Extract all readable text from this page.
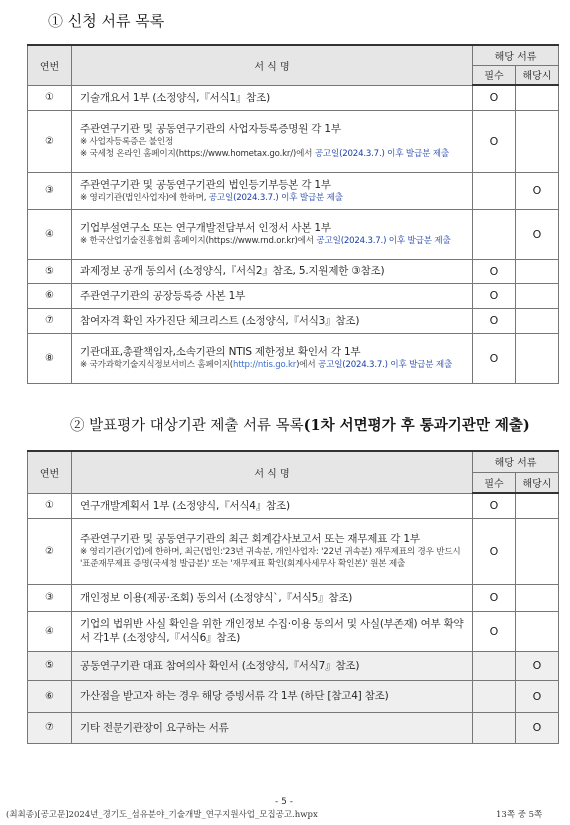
① 신청 서류 목록
연번	서 식 명	해당 서류	
		필수	해당시
①	기술개요서 1부 (소정양식,『서식1』참조)	O	
②	주관연구기관 및 공동연구기관의 사업자등록증명원 각 1부
※ 사업자등록증은 불인정
※ 국세청 온라인 홈페이지(https://www.hometax.go.kr/)에서 공고일(2024.3.7.) 이후 발급분 제출	O	
③	주관연구기관 및 공동연구기관의 법인등기부등본 각 1부
※ 영리기관(법인사업자)에 한하며, 공고일(2024.3.7.) 이후 발급분 제출		O
④	기업부설연구소 또는 연구개발전담부서 인정서 사본 1부
※ 한국산업기술진흥협회 홈페이지(https://www.rnd.or.kr)에서 공고일(2024.3.7.) 이후 발급분 제출		O
⑤	과제정보 공개 동의서 (소정양식,『서식2』참조, 5.지원제한 ③참조)	O	
⑥	주관연구기관의 공장등록증 사본 1부	O	
⑦	참여자격 확인 자가진단 체크리스트 (소정양식,『서식3』참조)	O	
⑧	기관대표,총괄책임자,소속기관의 NTIS 제한정보 확인서 각 1부
※ 국가과학기술지식정보서비스 홈페이지(http://ntis.go.kr)에서 공고일(2024.3.7.) 이후 발급분 제출	O	
② 발표평가 대상기관 제출 서류 목록(1차 서면평가 후 통과기관만 제출)
연번	서 식 명	해당 서류	
		필수	해당시
①	연구개발계획서 1부 (소정양식,『서식4』참조)	O	
②	주관연구기관 및 공동연구기관의 최근 회계감사보고서 또는 재무제표 각 1부
※ 영리기관(기업)에 한하며, 최근(법인:'23년 귀속분, 개인사업자: '22년 귀속분) 재무제표의 경우 반드시 '표준재무제표 증명(국세청 발급분)' 또는 '재무제표 확인(회계사세무사 확인본)' 원본 제출	O	
③	개인정보 이용(제공·조회) 동의서 (소정양식`,『서식5』참조)	O	
④	기업의 법위반 사실 확인을 위한 개인정보 수집·이용 동의서 및 사실(부존재) 여부 확약서 각1부 (소정양식,『서식6』참조)	O	
⑤	공동연구기관 대표 참여의사 확인서 (소정양식,『서식7』참조)		O
⑥	가산점을 받고자 하는 경우 해당 증빙서류 각 1부 (하단 [참고4] 참조)		O
⑦	기타 전문기관장이 요구하는 서류		O
- 5 -
(최최종)[공고문]2024년_경기도_섬유분야_기술개발_연구지원사업_모집공고.hwpx	13쪽 중 5쪽
